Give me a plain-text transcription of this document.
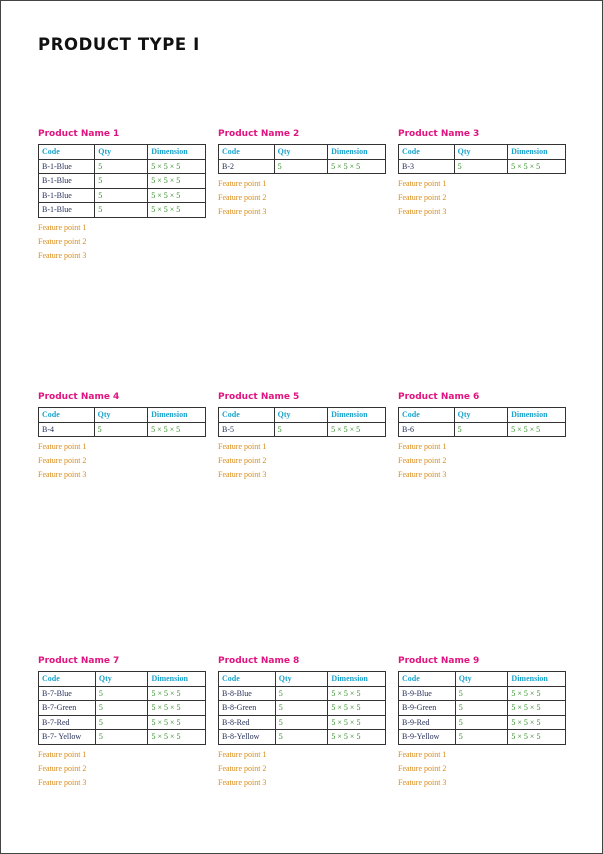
PRODUCT TYPE I
Product Name 1
Code	Qty	Dimension
B-1-Blue	5	5 × 5 × 5
B-1-Blue	5	5 × 5 × 5
B-1-Blue	5	5 × 5 × 5
B-1-Blue	5	5 × 5 × 5
Feature point 1
Feature point 2
Feature point 3
Product Name 2
Code	Qty	Dimension
B-2	5	5 × 5 × 5
Feature point 1
Feature point 2
Feature point 3
Product Name 3
Code	Qty	Dimension
B-3	5	5 × 5 × 5
Feature point 1
Feature point 2
Feature point 3
Product Name 4
Code	Qty	Dimension
B-4	5	5 × 5 × 5
Feature point 1
Feature point 2
Feature point 3
Product Name 5
Code	Qty	Dimension
B-5	5	5 × 5 × 5
Feature point 1
Feature point 2
Feature point 3
Product Name 6
Code	Qty	Dimension
B-6	5	5 × 5 × 5
Feature point 1
Feature point 2
Feature point 3
Product Name 7
Code	Qty	Dimension
B-7-Blue	5	5 × 5 × 5
B-7-Green	5	5 × 5 × 5
B-7-Red	5	5 × 5 × 5
B-7- Yellow	5	5 × 5 × 5
Feature point 1
Feature point 2
Feature point 3
Product Name 8
Code	Qty	Dimension
B-8-Blue	5	5 × 5 × 5
B-8-Green	5	5 × 5 × 5
B-8-Red	5	5 × 5 × 5
B-8-Yellow	5	5 × 5 × 5
Feature point 1
Feature point 2
Feature point 3
Product Name 9
Code	Qty	Dimension
B-9-Blue	5	5 × 5 × 5
B-9-Green	5	5 × 5 × 5
B-9-Red	5	5 × 5 × 5
B-9-Yellow	5	5 × 5 × 5
Feature point 1
Feature point 2
Feature point 3
